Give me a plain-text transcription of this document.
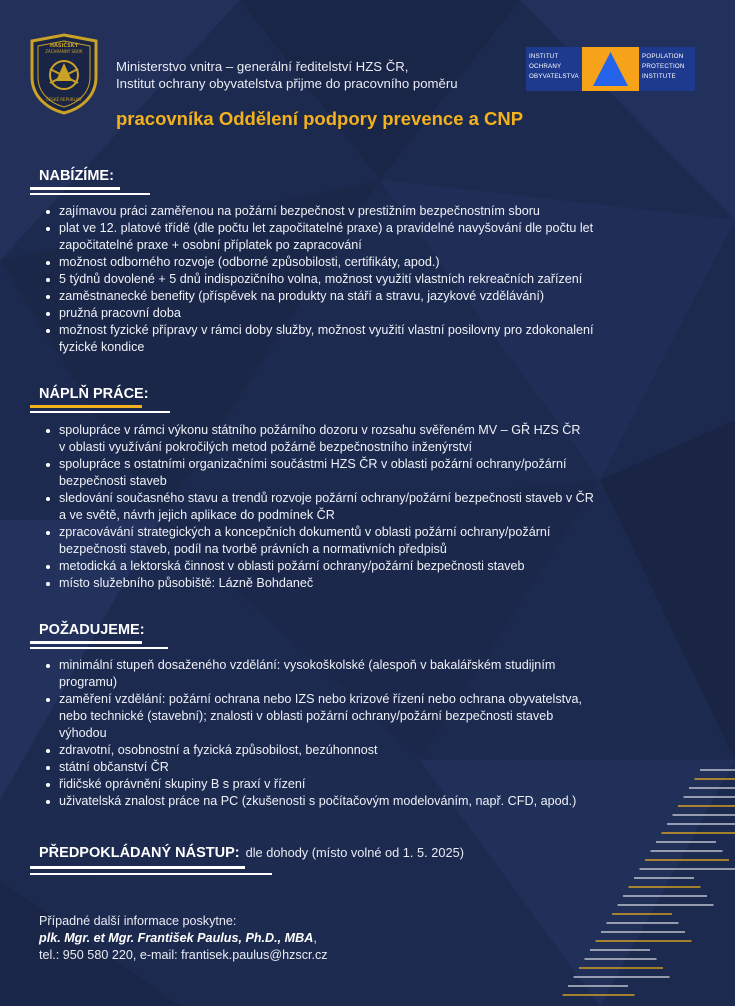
HASIČSKÝ
ZÁCHRANNÝ SBOR
ČESKÉ REPUBLIKY
Ministerstvo vnitra – generální ředitelství HZS ČR,
Institut ochrany obyvatelstva přijme do pracovního poměru
INSTITUT
OCHRANY
OBYVATELSTVA
POPULATION
PROTECTION
INSTITUTE
pracovníka Oddělení podpory prevence a CNP
NABÍZÍME:
zajímavou práci zaměřenou na požární bezpečnost v prestižním bezpečnostním sboru
plat ve 12. platové třídě (dle počtu let započitatelné praxe) a pravidelné navyšování dle počtu let
započitatelné praxe + osobní příplatek po zapracování
možnost odborného rozvoje (odborné způsobilosti, certifikáty, apod.)
5 týdnů dovolené + 5 dnů indispozičního volna, možnost využití vlastních rekreačních zařízení
zaměstnanecké benefity (příspěvek na produkty na stáří a stravu, jazykové vzdělávání)
pružná pracovní doba
možnost fyzické přípravy v rámci doby služby, možnost využití vlastní posilovny pro zdokonalení
fyzické kondice
NÁPLŇ PRÁCE:
spolupráce v rámci výkonu státního požárního dozoru v rozsahu svěřeném MV – GŘ HZS ČR
v oblasti využívání pokročilých metod požárně bezpečnostního inženýrství
spolupráce s ostatními organizačními součástmi HZS ČR v oblasti požární ochrany/požární
bezpečnosti staveb
sledování současného stavu a trendů rozvoje požární ochrany/požární bezpečnosti staveb v ČR
a ve světě, návrh jejich aplikace do podmínek ČR
zpracovávání strategických a koncepčních dokumentů v oblasti požární ochrany/požární
bezpečnosti staveb, podíl na tvorbě právních a normativních předpisů
metodická a lektorská činnost v oblasti požární ochrany/požární bezpečnosti staveb
místo služebního působiště: Lázně Bohdaneč
POŽADUJEME:
minimální stupeň dosaženého vzdělání: vysokoškolské (alespoň v bakalářském studijním
programu)
zaměření vzdělání: požární ochrana nebo IZS nebo krizové řízení nebo ochrana obyvatelstva,
nebo technické (stavební); znalosti v oblasti požární ochrany/požární bezpečnosti staveb
výhodou
zdravotní, osobnostní a fyzická způsobilost, bezúhonnost
státní občanství ČR
řidičské oprávnění skupiny B s praxí v řízení
uživatelská znalost práce na PC (zkušenosti s počítačovým modelováním, např. CFD, apod.)
PŘEDPOKLÁDANÝ NÁSTUP: dle dohody (místo volné od 1. 5. 2025)
Případné další informace poskytne:
plk. Mgr. et Mgr. František Paulus, Ph.D., MBA,
tel.: 950 580 220, e-mail: frantisek.paulus@hzscr.cz
